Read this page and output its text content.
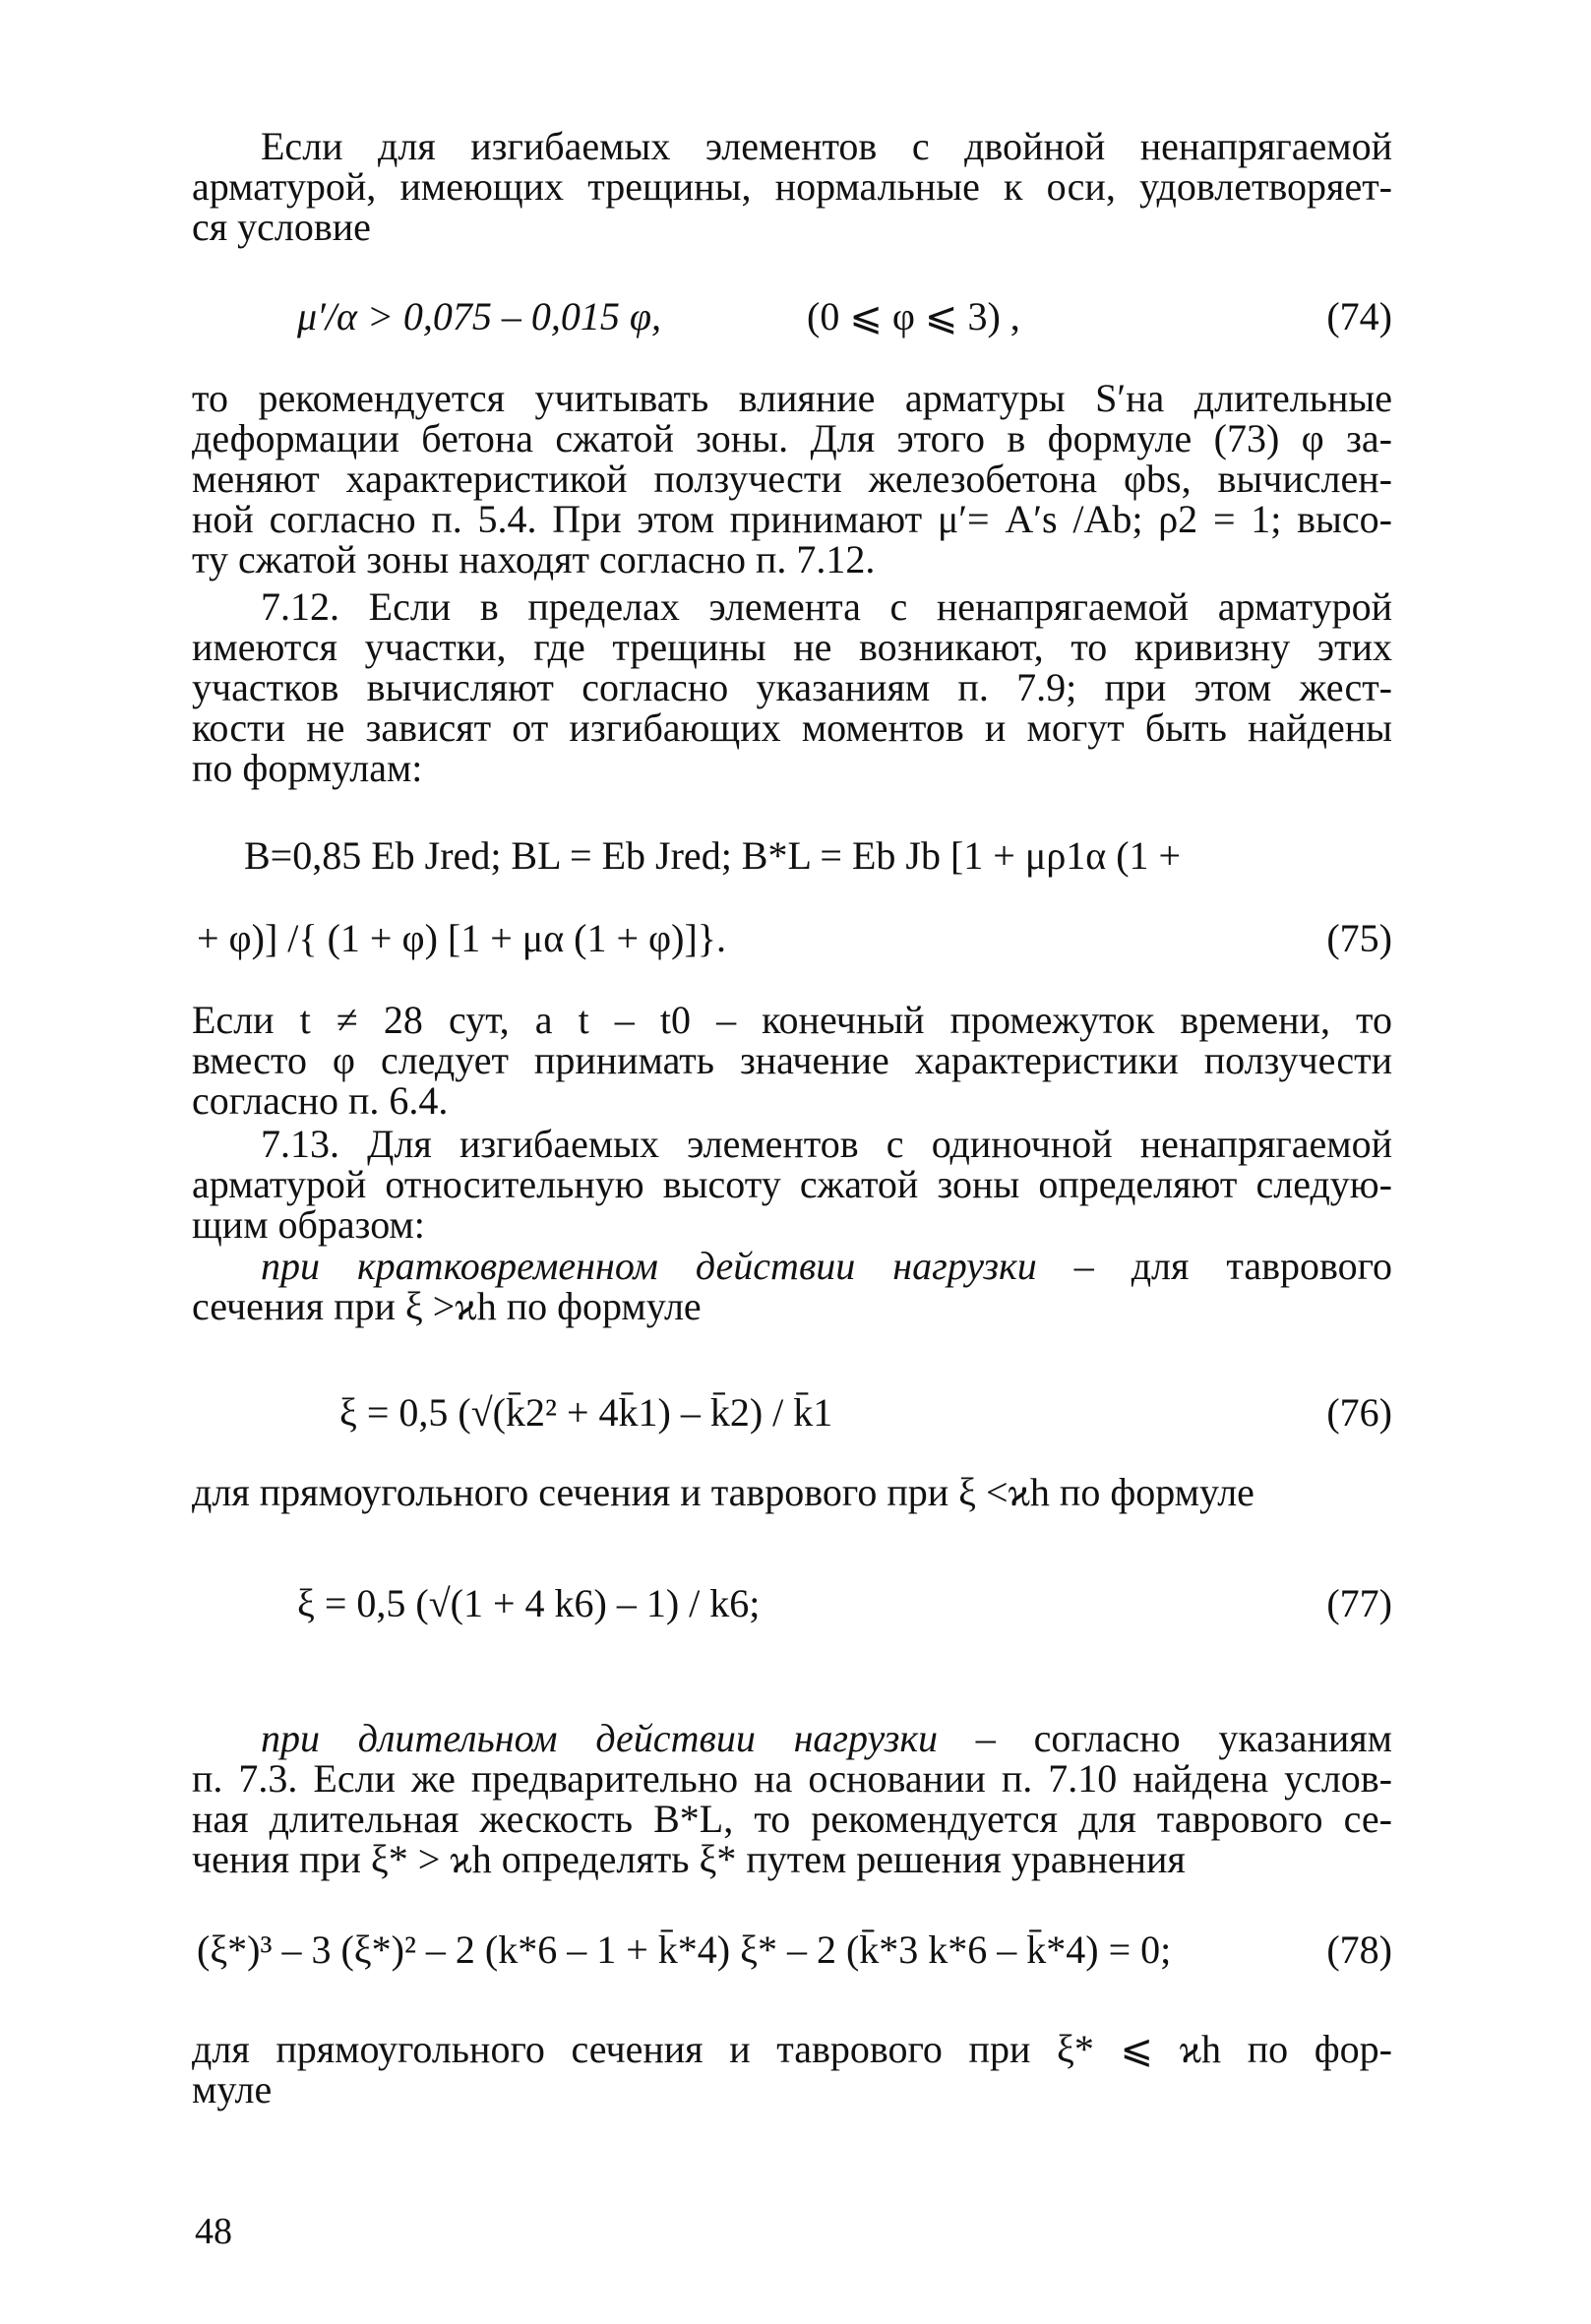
Если для изгибаемых элементов с двойной ненапрягаемой
арматурой, имеющих трещины, нормальные к оси, удовлетворяет-
ся условие
μ′/α > 0,075 – 0,015 φ,	(0 ⩽ φ ⩽ 3) ,	(74)
то рекомендуется учитывать влияние арматуры S′на длительные
деформации бетона сжатой зоны. Для этого в формуле (73) φ за-
меняют характеристикой ползучести железобетона φbs, вычислен-
ной согласно п. 5.4. При этом принимают μ′= A′s /Ab; ρ2 = 1; высо-
ту сжатой зоны находят согласно п. 7.12.
7.12. Если в пределах элемента с ненапрягаемой арматурой
имеются участки, где трещины не возникают, то кривизну этих
участков вычисляют согласно указаниям п. 7.9; при этом жест-
кости не зависят от изгибающих моментов и могут быть найдены
по формулам:
B=0,85 Eb Jred; BL = Eb Jred; B*L = Eb Jb [1 + μρ1α (1 +
+ φ)] /{ (1 + φ) [1 + μα (1 + φ)]}.	(75)
Если t ≠ 28 сут, а t – t0 – конечный промежуток времени, то
вместо φ следует принимать значение характеристики ползучести
согласно п. 6.4.
7.13. Для изгибаемых элементов с одиночной ненапрягаемой
арматурой относительную высоту сжатой зоны определяют следую-
щим образом:
при кратковременном действии нагрузки – для таврового
сечения при ξ >ϰh по формуле
ξ = 0,5 (√(k̄2² + 4k̄1) – k̄2) / k̄1	(76)
для прямоугольного сечения и таврового при ξ <ϰh по формуле
ξ = 0,5 (√(1 + 4 k6) – 1) / k6;	(77)
при длительном действии нагрузки – согласно указаниям
п. 7.3. Если же предварительно на основании п. 7.10 найдена услов-
ная длительная жескость B*L, то рекомендуется для таврового се-
чения при ξ* > ϰh определять ξ* путем решения уравнения
(ξ*)³ – 3 (ξ*)² – 2 (k*6 – 1 + k̄*4) ξ* – 2 (k̄*3 k*6 – k̄*4) = 0;	(78)
для прямоугольного сечения и таврового при ξ* ⩽ ϰh по фор-
муле
48
